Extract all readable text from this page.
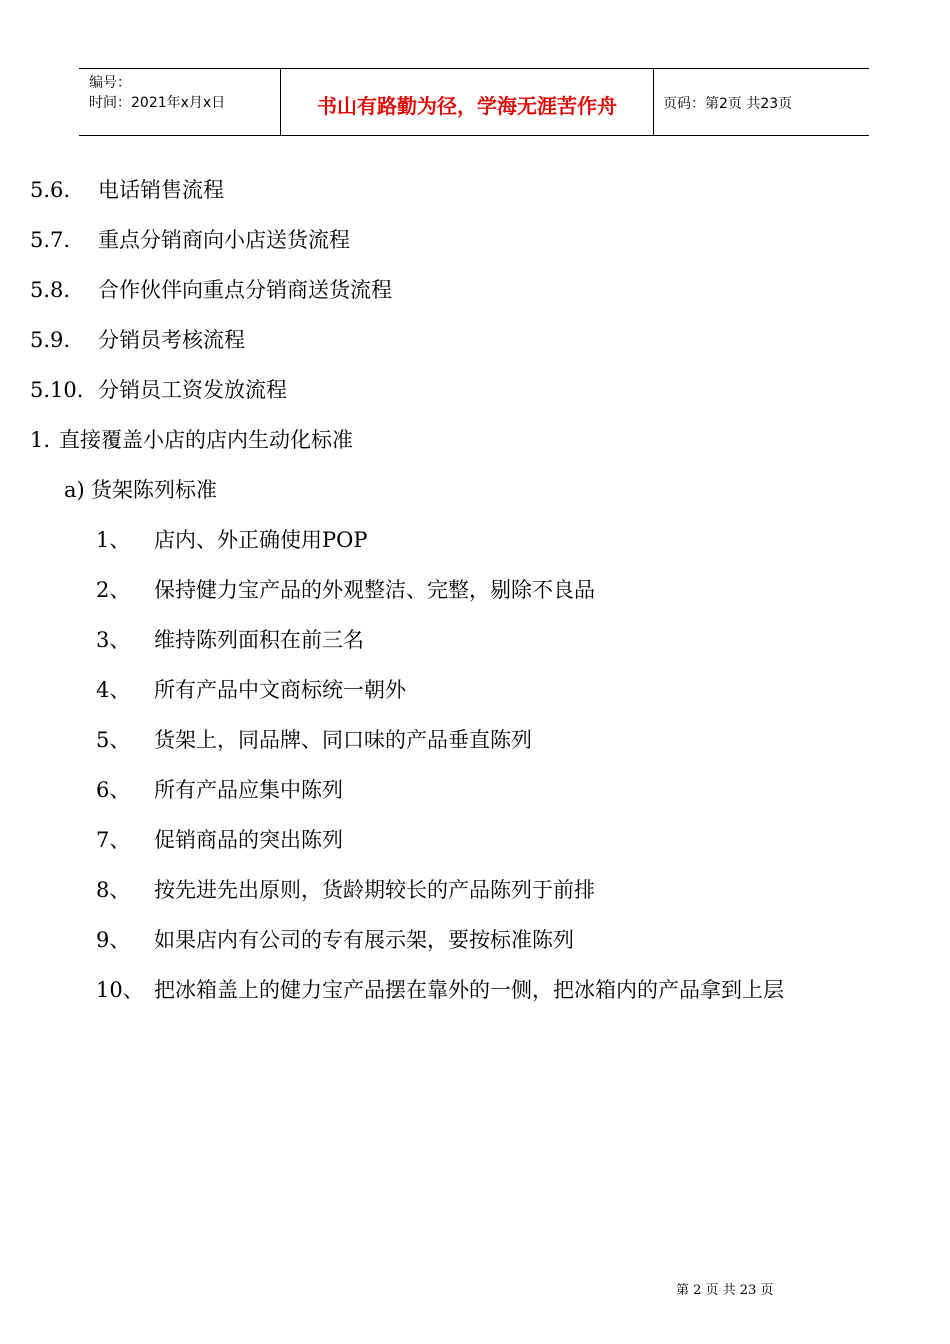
编号：
时间：2021年x月x日	书山有路勤为径，学海无涯苦作舟	页码：第2页 共23页
5.6. 电话销售流程
5.7. 重点分销商向小店送货流程
5.8. 合作伙伴向重点分销商送货流程
5.9. 分销员考核流程
5.10. 分销员工资发放流程
1. 直接覆盖小店的店内生动化标准
a) 货架陈列标准
1、 店内、外正确使用POP
2、 保持健力宝产品的外观整洁、完整，剔除不良品
3、 维持陈列面积在前三名
4、 所有产品中文商标统一朝外
5、 货架上，同品牌、同口味的产品垂直陈列
6、 所有产品应集中陈列
7、 促销商品的突出陈列
8、 按先进先出原则，货龄期较长的产品陈列于前排
9、 如果店内有公司的专有展示架，要按标准陈列
10、 把冰箱盖上的健力宝产品摆在靠外的一侧，把冰箱内的产品拿到上层
第 2 页 共 23 页
